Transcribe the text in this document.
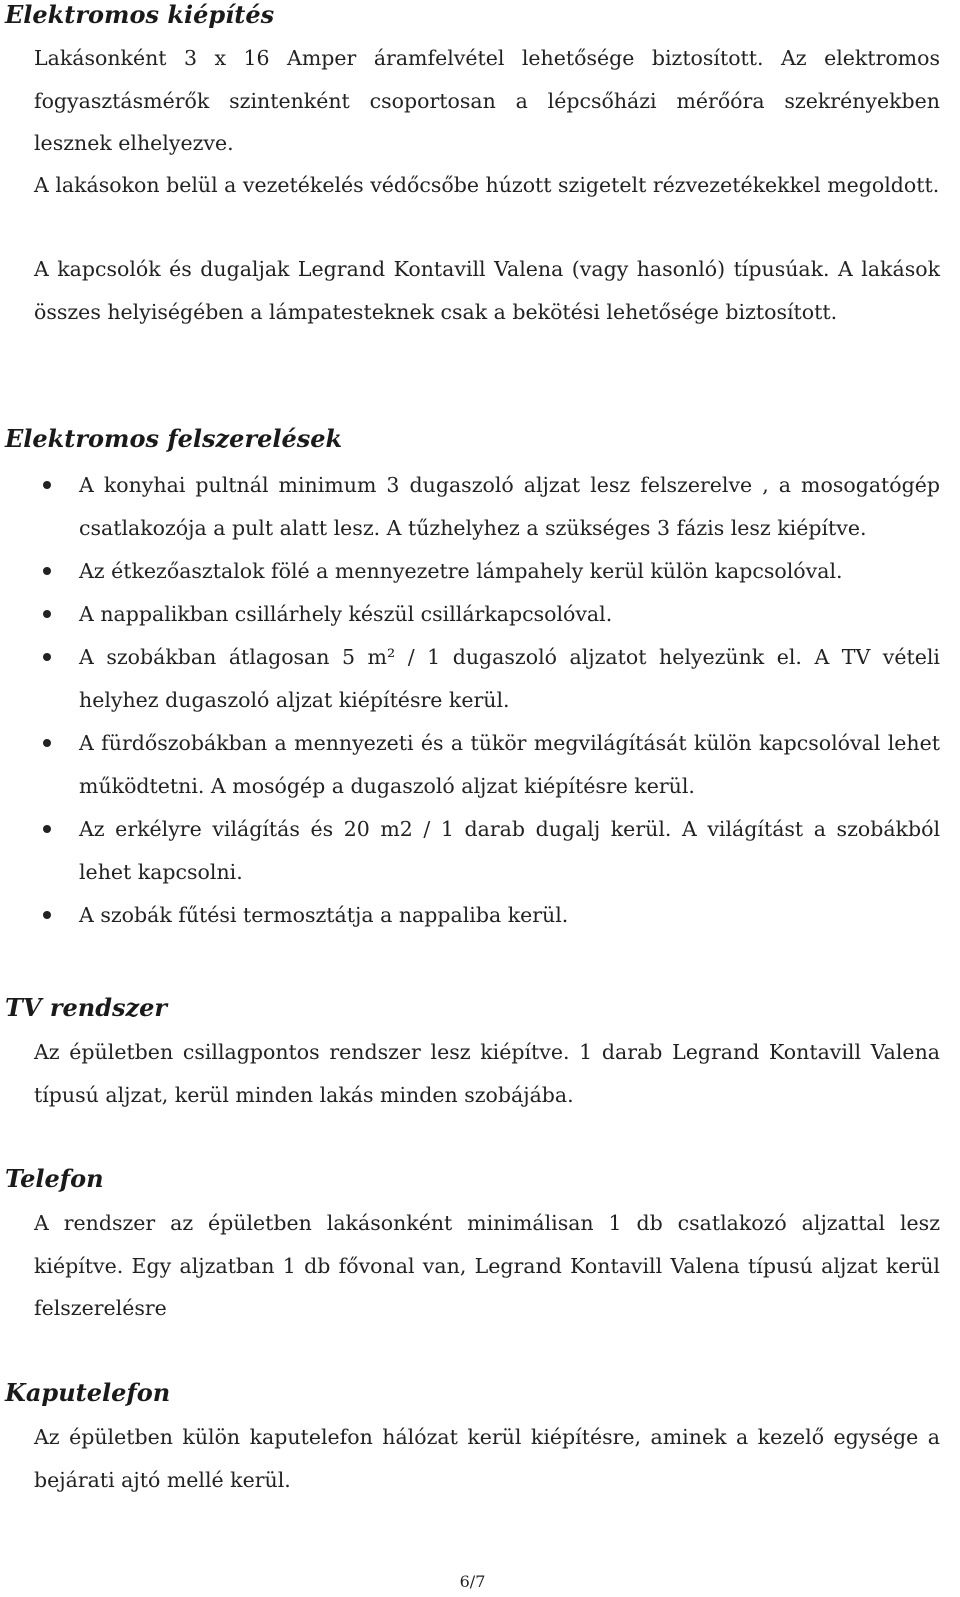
Elektromos kiépítés

Lakásonként 3 x 16 Amper áramfelvétel lehetősége biztosított. Az elektromos fogyasztásmérők szintenként csoportosan a lépcsőházi mérőóra szekrényekben lesznek elhelyezve.

A lakásokon belül a vezetékelés védőcsőbe húzott szigetelt rézvezetékekkel megoldott.

A kapcsolók és dugaljak Legrand Kontavill Valena (vagy hasonló) típusúak. A lakások összes helyiségében a lámpatesteknek csak a bekötési lehetősége biztosított.

Elektromos felszerelések
A konyhai pultnál minimum 3 dugaszoló aljzat lesz felszerelve , a mosogatógép csatlakozója a pult alatt lesz. A tűzhelyhez a szükséges 3 fázis lesz kiépítve.
Az étkezőasztalok fölé a mennyezetre lámpahely kerül külön kapcsolóval.
A nappalikban csillárhely készül csillárkapcsolóval.
A szobákban átlagosan 5 m² / 1 dugaszoló aljzatot helyezünk el. A TV vételi helyhez dugaszoló aljzat kiépítésre kerül.
A fürdőszobákban a mennyezeti és a tükör megvilágítását külön kapcsolóval lehet működtetni. A mosógép a dugaszoló aljzat kiépítésre kerül.
Az erkélyre világítás és 20 m2 / 1 darab dugalj kerül. A világítást a szobákból lehet kapcsolni.
A szobák fűtési termosztátja a nappaliba kerül.
TV rendszer

Az épületben csillagpontos rendszer lesz kiépítve. 1 darab Legrand Kontavill Valena típusú aljzat, kerül minden lakás minden szobájába.

Telefon

A rendszer az épületben lakásonként minimálisan 1 db csatlakozó aljzattal lesz kiépítve. Egy aljzatban 1 db fővonal van, Legrand Kontavill Valena típusú aljzat kerül felszerelésre

Kaputelefon

Az épületben külön kaputelefon hálózat kerül kiépítésre, aminek a kezelő egysége a bejárati ajtó mellé kerül.

6/7
